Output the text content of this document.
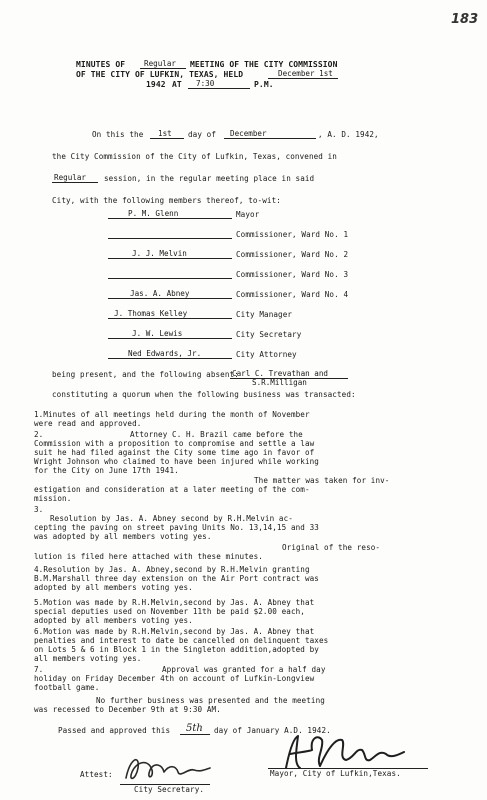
183
MINUTES OF Regular MEETING OF THE CITY COMMISSION
OF THE CITY OF LUFKIN, TEXAS, HELD	December 1st
1942 AT 7:30	P.M.
On this the 1st day of December	, A. D. 1942,
the City Commission of the City of Lufkin, Texas, convened in
Regular session, in the regular meeting place in said
City, with the following members thereof, to-wit:
P. M. Glenn	Mayor
Commissioner, Ward No. 1
J. J. Melvin	Commissioner, Ward No. 2
Commissioner, Ward No. 3
Jas. A. Abney	Commissioner, Ward No. 4
J. Thomas Kelley	City Manager
J. W. Lewis	City Secretary
Ned Edwards, Jr.	City Attorney
being present, and the following absent:
Carl C. Trevathan and
S.R.Milligan
constituting a quorum when the following business was transacted:
1.Minutes of all meetings held during the month of November
were read and approved.
2.	Attorney C. H. Brazil came before the
Commission with a proposition to compromise and settle a law
suit he had filed against the City some time ago in favor of
Wright Johnson who claimed to have been injured while working
for the City on June 17th 1941.
The matter was taken for inv-
estigation and consideration at a later meeting of the com-
mission.
3.
Resolution by Jas. A. Abney second by R.H.Melvin ac-
cepting the paving on street paving Units No. 13,14,15 and 33
was adopted by all members voting yes.
Original of the reso-
lution is filed here attached with these minutes.
4.Resolution by Jas. A. Abney,second by R.H.Melvin granting
B.M.Marshall three day extension on the Air Port contract was
adopted by all members voting yes.
5.Motion was made by R.H.Melvin,second by Jas. A. Abney that
special deputies used on November 11th be paid $2.00 each,
adopted by all members voting yes.
6.Motion was made by R.H.Melvin,second by Jas. A. Abney that
penalties and interest to date be cancelled on delinquent taxes
on Lots 5 & 6 in Block 1 in the Singleton addition,adopted by
all members voting yes.
7.	Approval was granted for a half day
holiday on Friday December 4th on account of Lufkin-Longview
football game.
No further business was presented and the meeting
was recessed to December 9th at 9:30 AM.
Passed and approved this 5th day of January A.D. 1942.
Attest:
City Secretary.
Mayor, City of Lufkin,Texas.
